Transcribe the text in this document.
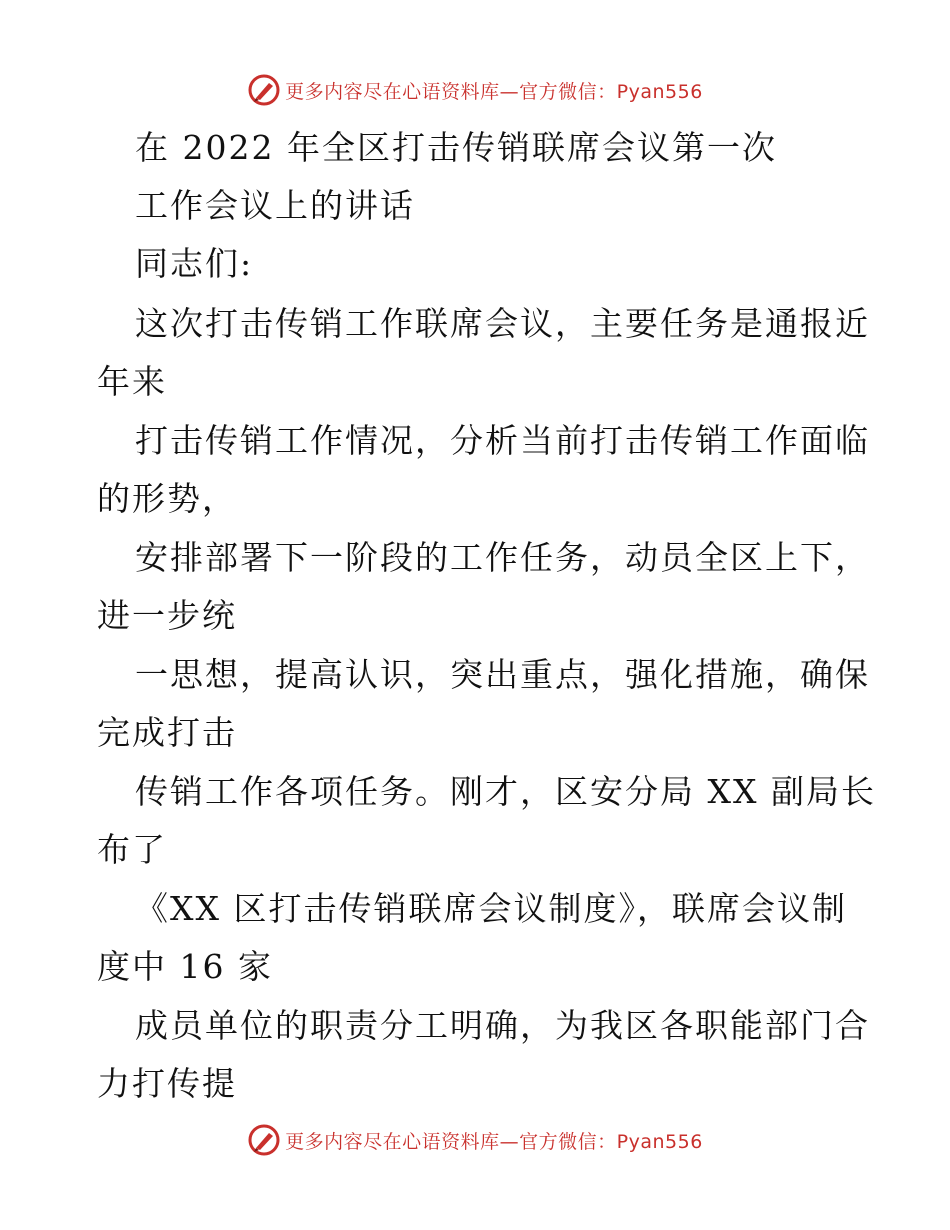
更多内容尽在心语资料库—官方微信：Pyan556
在 2022 年全区打击传销联席会议第一次
工作会议上的讲话
同志们:
这次打击传销工作联席会议，主要任务是通报近
年来
打击传销工作情况，分析当前打击传销工作面临
的形势，
安排部署下一阶段的工作任务，动员全区上下，
进一步统
一思想，提高认识，突出重点，强化措施，确保
完成打击
传销工作各项任务。刚才，区安分局 XX 副局长
布了
《XX 区打击传销联席会议制度》，联席会议制
度中 16 家
成员单位的职责分工明确，为我区各职能部门合
力打传提
更多内容尽在心语资料库—官方微信：Pyan556
